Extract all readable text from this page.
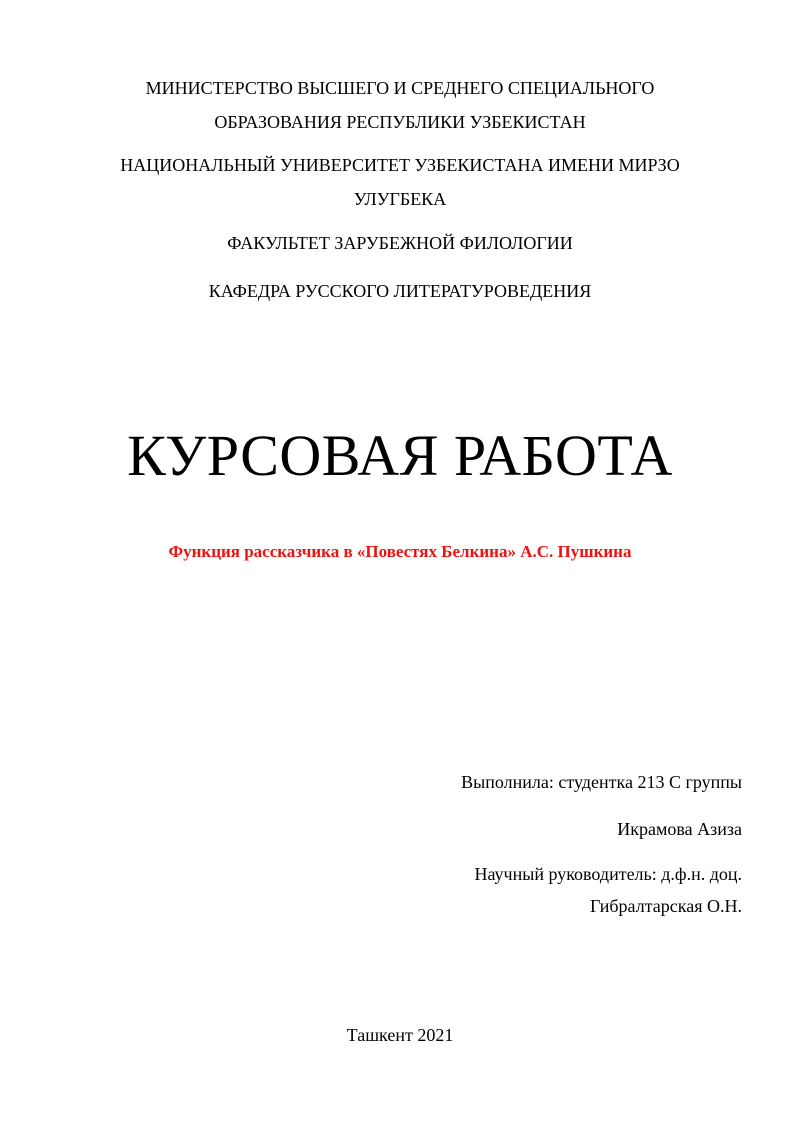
МИНИСТЕРСТВО ВЫСШЕГО И СРЕДНЕГО СПЕЦИАЛЬНОГО
ОБРАЗОВАНИЯ РЕСПУБЛИКИ УЗБЕКИСТАН
НАЦИОНАЛЬНЫЙ УНИВЕРСИТЕТ УЗБЕКИСТАНА ИМЕНИ МИРЗО
УЛУГБЕКА
ФАКУЛЬТЕТ ЗАРУБЕЖНОЙ ФИЛОЛОГИИ
КАФЕДРА РУССКОГО ЛИТЕРАТУРОВЕДЕНИЯ
КУРСОВАЯ РАБОТА
Функция рассказчика в «Повестях Белкина» А.С. Пушкина
Выполнила: студентка 213 С группы
Икрамова Азиза
Научный руководитель: д.ф.н. доц.
Гибралтарская О.Н.
Ташкент 2021
